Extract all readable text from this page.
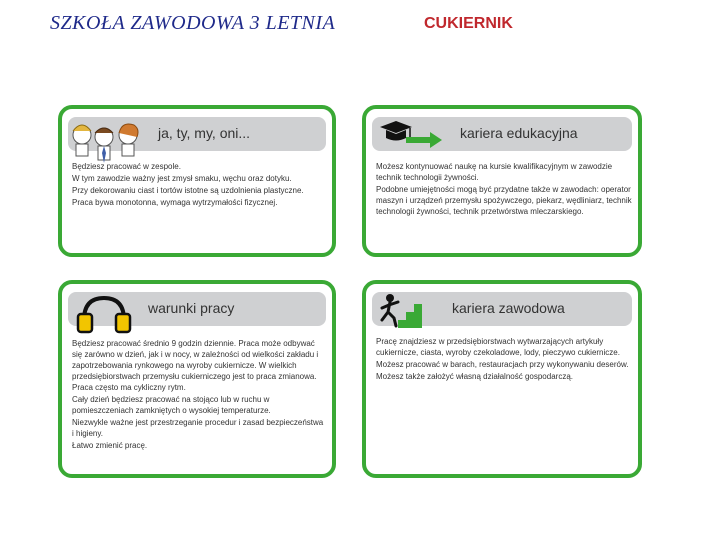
SZKOŁA ZAWODOWA 3 LETNIA	CUKIERNIK
ja, ty, my, oni...

Będziesz pracować w zespole.

W tym zawodzie ważny jest zmysł smaku, węchu oraz dotyku.

Przy dekorowaniu ciast i tortów istotne są uzdolnienia plastyczne.

Praca bywa monotonna, wymaga wytrzymałości fizycznej.

kariera edukacyjna

Możesz kontynuować naukę na kursie kwalifikacyjnym w zawodzie technik technologii żywności.

Podobne umiejętności mogą być przydatne także w zawodach: operator maszyn i urządzeń przemysłu spożywczego, piekarz, wędliniarz, technik technologii żywności, technik przetwórstwa mleczarskiego.

warunki pracy

Będziesz pracować średnio 9 godzin dziennie. Praca może odbywać się zarówno w dzień, jak i w nocy, w zależności od wielkości zakładu i zapotrzebowania rynkowego na wyroby cukiernicze. W wielkich przedsiębiorstwach przemysłu cukierniczego jest to praca zmianowa. Praca często ma cykliczny rytm.

Cały dzień będziesz pracować na stojąco lub w ruchu w pomieszczeniach zamkniętych o wysokiej temperaturze.

Niezwykle ważne jest przestrzeganie procedur i zasad bezpieczeństwa i higieny.

Łatwo zmienić pracę.

kariera zawodowa

Pracę znajdziesz w przedsiębiorstwach wytwarzających artykuły cukiernicze, ciasta, wyroby czekoladowe, lody, pieczywo cukiernicze.

Możesz pracować w barach, restauracjach przy wykonywaniu deserów.

Możesz także założyć własną działalność gospodarczą.
